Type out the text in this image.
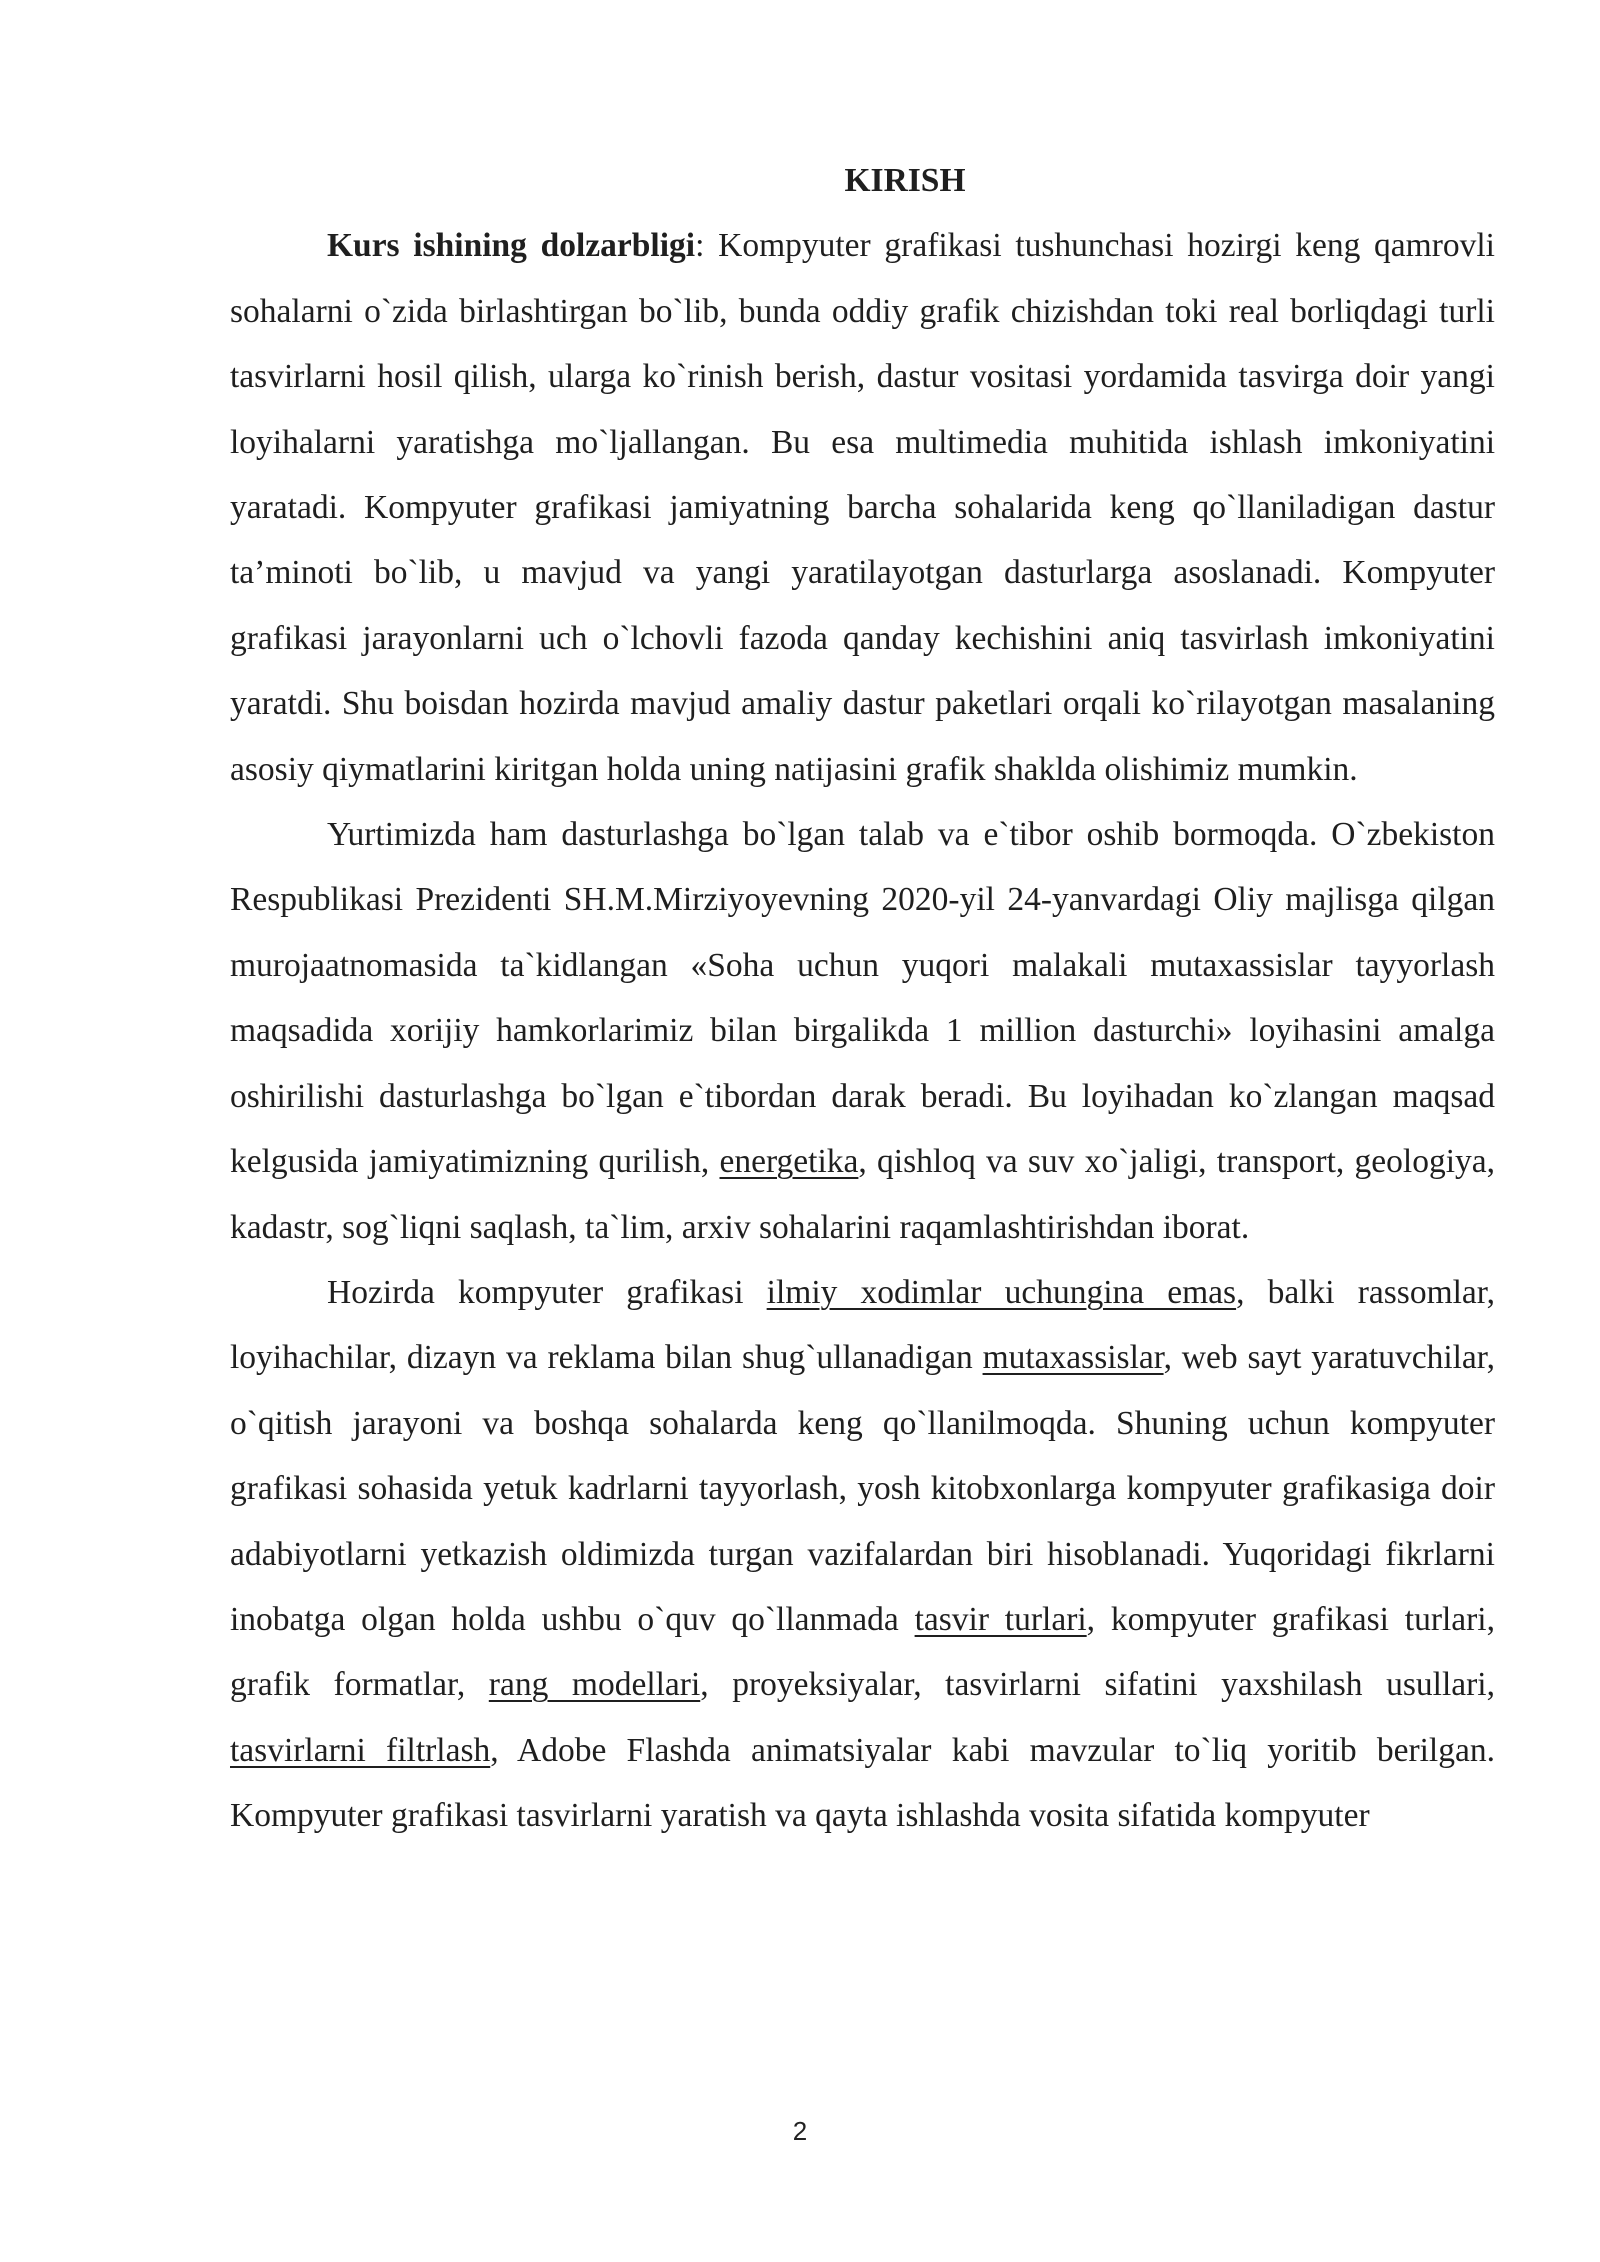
KIRISH

Kurs ishining dolzarbligi: Kompyuter grafikasi tushunchasi hozirgi keng qamrovli sohalarni o`zida birlashtirgan bo`lib, bunda oddiy grafik chizishdan toki real borliqdagi turli tasvirlarni hosil qilish, ularga ko`rinish berish, dastur vositasi yordamida tasvirga doir yangi loyihalarni yaratishga mo`ljallangan. Bu esa multimedia muhitida ishlash imkoniyatini yaratadi. Kompyuter grafikasi jamiyatning barcha sohalarida keng qo`llaniladigan dastur ta’minoti bo`lib, u mavjud va yangi yaratilayotgan dasturlarga asoslanadi. Kompyuter grafikasi jarayonlarni uch o`lchovli fazoda qanday kechishini aniq tasvirlash imkoniyatini yaratdi. Shu boisdan hozirda mavjud amaliy dastur paketlari orqali ko`rilayotgan masalaning asosiy qiymatlarini kiritgan holda uning natijasini grafik shaklda olishimiz mumkin.

Yurtimizda ham dasturlashga bo`lgan talab va e`tibor oshib bormoqda. O`zbekiston Respublikasi Prezidenti SH.M.Mirziyoyevning 2020-yil 24-yanvardagi Oliy majlisga qilgan murojaatnomasida ta`kidlangan «Soha uchun yuqori malakali mutaxassislar tayyorlash maqsadida xorijiy hamkorlarimiz bilan birgalikda 1 million dasturchi» loyihasini amalga oshirilishi dasturlashga bo`lgan e`tibordan darak beradi. Bu loyihadan ko`zlangan maqsad kelgusida jamiyatimizning qurilish, energetika, qishloq va suv xo`jaligi, transport, geologiya, kadastr, sog`liqni saqlash, ta`lim, arxiv sohalarini raqamlashtirishdan iborat.

Hozirda kompyuter grafikasi ilmiy xodimlar uchungina emas, balki rassomlar, loyihachilar, dizayn va reklama bilan shug`ullanadigan mutaxassislar, web sayt yaratuvchilar, o`qitish jarayoni va boshqa sohalarda keng qo`llanilmoqda. Shuning uchun kompyuter grafikasi sohasida yetuk kadrlarni tayyorlash, yosh kitobxonlarga kompyuter grafikasiga doir adabiyotlarni yetkazish oldimizda turgan vazifalardan biri hisoblanadi. Yuqoridagi fikrlarni inobatga olgan holda ushbu o`quv qo`llanmada tasvir turlari, kompyuter grafikasi turlari, grafik formatlar, rang modellari, proyeksiyalar, tasvirlarni sifatini yaxshilash usullari, tasvirlarni filtrlash, Adobe Flashda animatsiyalar kabi mavzular to`liq yoritib berilgan. Kompyuter grafikasi tasvirlarni yaratish va qayta ishlashda vosita sifatida kompyuter

2
